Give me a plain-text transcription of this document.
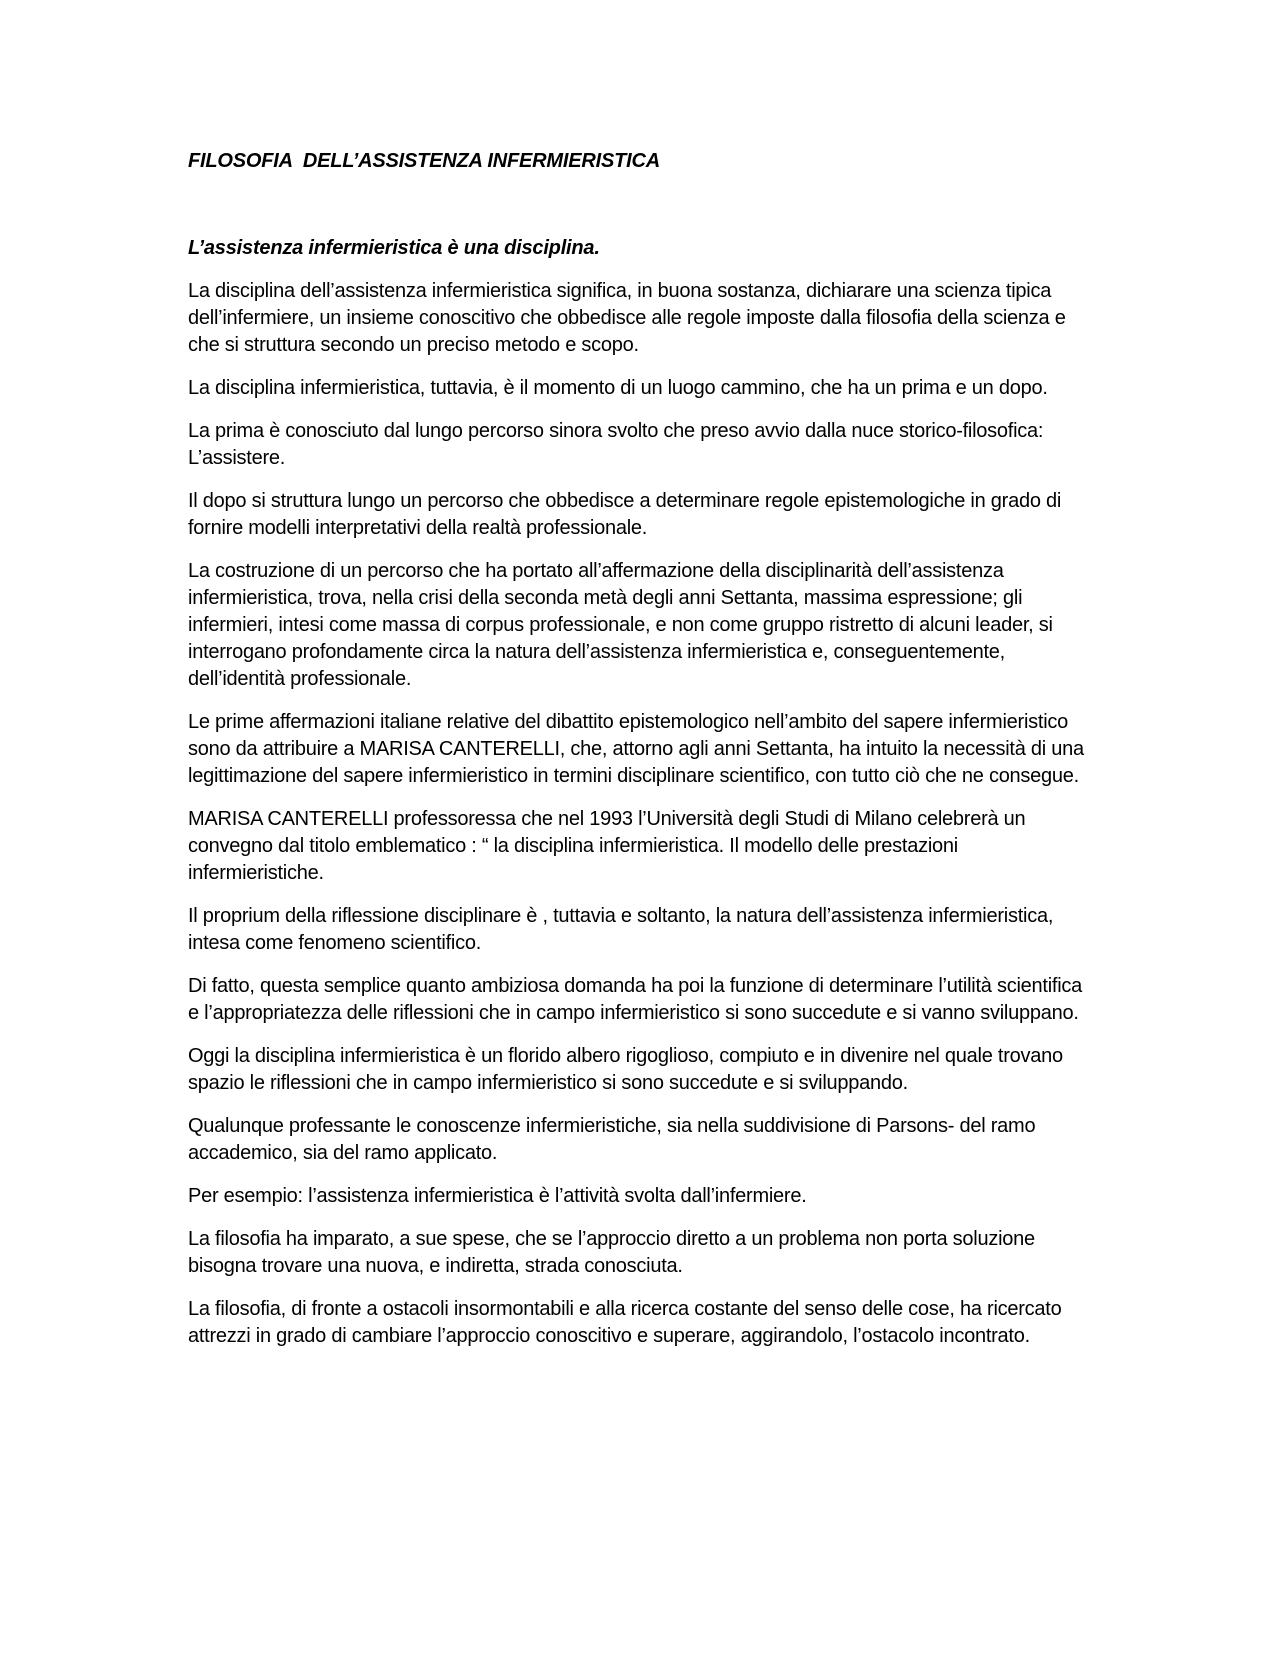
FILOSOFIA  DELL’ASSISTENZA INFERMIERISTICA
L’assistenza infermieristica è una disciplina.

La disciplina dell’assistenza infermieristica significa, in buona sostanza, dichiarare una scienza tipica dell’infermiere, un insieme conoscitivo che obbedisce alle regole imposte dalla filosofia della scienza e che si struttura secondo un preciso metodo e scopo.

La disciplina infermieristica, tuttavia, è il momento di un luogo cammino, che ha un prima e un dopo.

La prima è conosciuto dal lungo percorso sinora svolto che preso avvio dalla nuce storico-filosofica: L’assistere.

Il dopo si struttura lungo un percorso che obbedisce a determinare regole epistemologiche in grado di fornire modelli interpretativi della realtà professionale.

La costruzione di un percorso che ha portato all’affermazione della disciplinarità dell’assistenza infermieristica, trova, nella crisi della seconda metà degli anni Settanta, massima espressione; gli infermieri, intesi come massa di corpus professionale, e non come gruppo ristretto di alcuni leader, si interrogano profondamente circa la natura dell’assistenza infermieristica e, conseguentemente, dell’identità professionale.

Le prime affermazioni italiane relative del dibattito epistemologico nell’ambito del sapere infermieristico sono da attribuire a MARISA CANTERELLI, che, attorno agli anni Settanta, ha intuito la necessità di una legittimazione del sapere infermieristico in termini disciplinare scientifico, con tutto ciò che ne consegue.

MARISA CANTERELLI professoressa che nel 1993 l’Università degli Studi di Milano celebrerà un convegno dal titolo emblematico : “ la disciplina infermieristica. Il modello delle prestazioni infermieristiche.

Il proprium della riflessione disciplinare è , tuttavia e soltanto, la natura dell’assistenza infermieristica, intesa come fenomeno scientifico.

Di fatto, questa semplice quanto ambiziosa domanda ha poi la funzione di determinare l’utilità scientifica e l’appropriatezza delle riflessioni che in campo infermieristico si sono succedute e si vanno sviluppano.

Oggi la disciplina infermieristica è un florido albero rigoglioso, compiuto e in divenire nel quale trovano spazio le riflessioni che in campo infermieristico si sono succedute e si sviluppando.

Qualunque professante le conoscenze infermieristiche, sia nella suddivisione di Parsons- del ramo accademico, sia del ramo applicato.

Per esempio: l’assistenza infermieristica è l’attività svolta dall’infermiere.

La filosofia ha imparato, a sue spese, che se l’approccio diretto a un problema non porta soluzione bisogna trovare una nuova, e indiretta, strada conosciuta.

La filosofia, di fronte a ostacoli insormontabili e alla ricerca costante del senso delle cose, ha ricercato attrezzi in grado di cambiare l’approccio conoscitivo e superare, aggirandolo, l’ostacolo incontrato.
